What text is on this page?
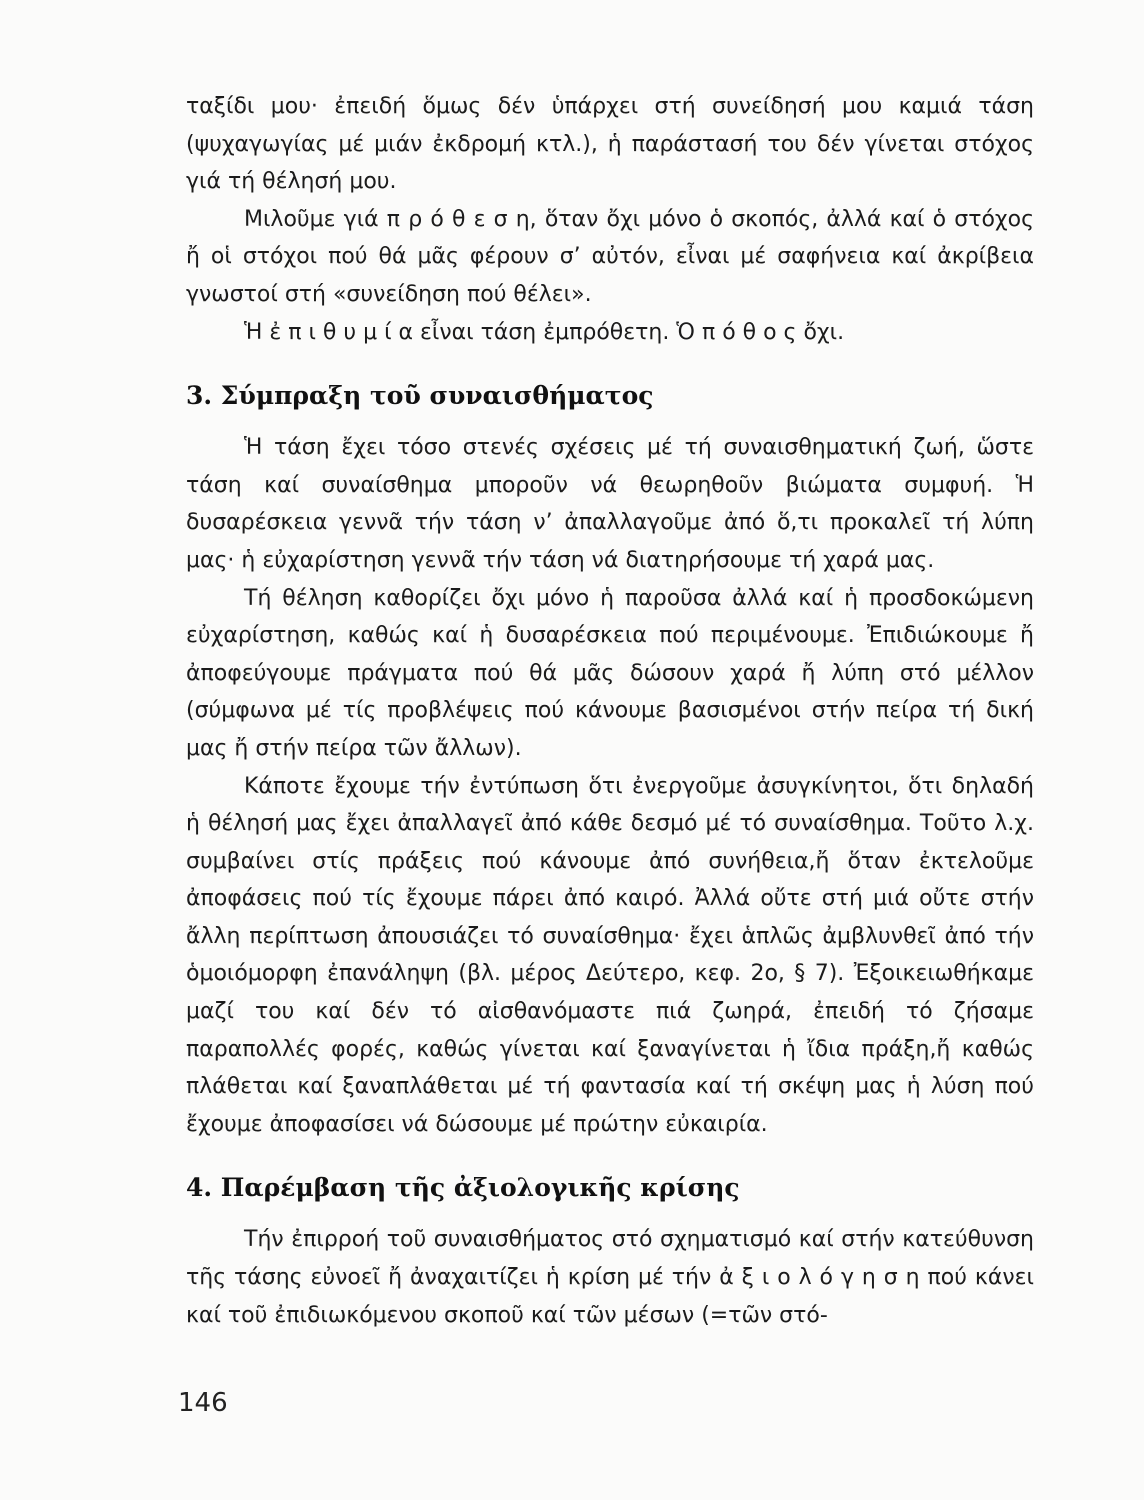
ταξίδι μου· ἐπειδή ὅμως δέν ὑπάρχει στή συνείδησή μου καμιά τάση (ψυχαγωγίας μέ μιάν ἐκδρομή κτλ.), ἡ παράστασή του δέν γίνεται στόχος γιά τή θέλησή μου.

Μιλοῦμε γιά π ρ ό θ ε σ η, ὅταν ὄχι μόνο ὁ σκοπός, ἀλλά καί ὁ στόχος ἤ οἱ στόχοι πού θά μᾶς φέρουν σ’ αὐτόν, εἶναι μέ σαφήνεια καί ἀκρίβεια γνωστοί στή «συνείδηση πού θέλει».

Ἡ ἐ π ι θ υ μ ί α εἶναι τάση ἐμπρόθετη. Ὁ π ό θ ο ς ὄχι.

3. Σύμπραξη τοῦ συναισθήματος

Ἡ τάση ἔχει τόσο στενές σχέσεις μέ τή συναισθηματική ζωή, ὥστε τάση καί συναίσθημα μποροῦν νά θεωρηθοῦν βιώματα συμφυή. Ἡ δυσαρέσκεια γεννᾶ τήν τάση ν’ ἀπαλλαγοῦμε ἀπό ὅ,τι προκαλεῖ τή λύπη μας· ἡ εὐχαρίστηση γεννᾶ τήν τάση νά διατηρήσουμε τή χαρά μας.

Τή θέληση καθορίζει ὄχι μόνο ἡ παροῦσα ἀλλά καί ἡ προσδοκώμενη εὐχαρίστηση, καθώς καί ἡ δυσαρέσκεια πού περιμένουμε. Ἐπιδιώκουμε ἤ ἀποφεύγουμε πράγματα πού θά μᾶς δώσουν χαρά ἤ λύπη στό μέλλον (σύμφωνα μέ τίς προβλέψεις πού κάνουμε βασισμένοι στήν πείρα τή δική μας ἤ στήν πείρα τῶν ἄλλων).

Κάποτε ἔχουμε τήν ἐντύπωση ὅτι ἐνεργοῦμε ἀσυγκίνητοι, ὅτι δηλαδή ἡ θέλησή μας ἔχει ἀπαλλαγεῖ ἀπό κάθε δεσμό μέ τό συναίσθημα. Τοῦτο λ.χ. συμβαίνει στίς πράξεις πού κάνουμε ἀπό συνήθεια,ἤ ὅταν ἐκτελοῦμε ἀποφάσεις πού τίς ἔχουμε πάρει ἀπό καιρό. Ἀλλά οὔτε στή μιά οὔτε στήν ἄλλη περίπτωση ἀπουσιάζει τό συναίσθημα· ἔχει ἁπλῶς ἀμβλυνθεῖ ἀπό τήν ὁμοιόμορφη ἐπανάληψη (βλ. μέρος Δεύτερο, κεφ. 2ο, § 7). Ἐξοικειωθήκαμε μαζί του καί δέν τό αἰσθανόμαστε πιά ζωηρά, ἐπειδή τό ζήσαμε παραπολλές φορές, καθώς γίνεται καί ξαναγίνεται ἡ ἴδια πράξη,ἤ καθώς πλάθεται καί ξαναπλάθεται μέ τή φαντασία καί τή σκέψη μας ἡ λύση πού ἔχουμε ἀποφασίσει νά δώσουμε μέ πρώτην εὐκαιρία.

4. Παρέμβαση τῆς ἀξιολογικῆς κρίσης

Τήν ἐπιρροή τοῦ συναισθήματος στό σχηματισμό καί στήν κατεύθυνση τῆς τάσης εὐνοεῖ ἤ ἀναχαιτίζει ἡ κρίση μέ τήν ἀ ξ ι ο λ ό γ η σ η πού κάνει καί τοῦ ἐπιδιωκόμενου σκοποῦ καί τῶν μέσων (=τῶν στό-

146
